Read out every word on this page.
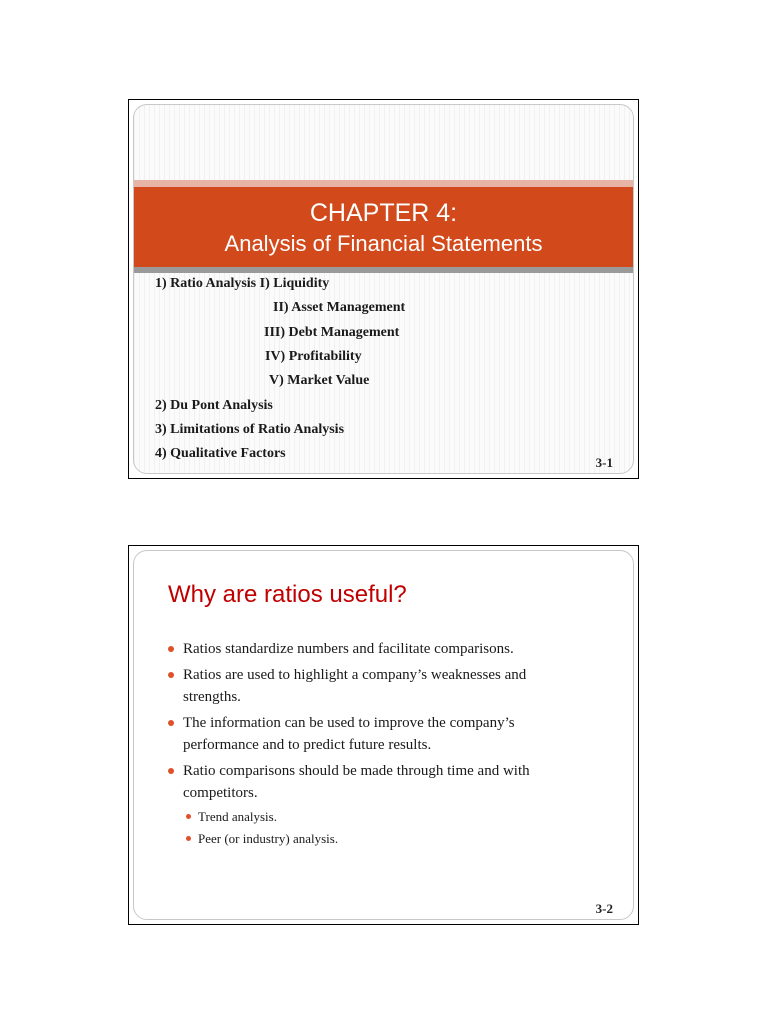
CHAPTER 4:
Analysis of Financial Statements
1) Ratio Analysis I) Liquidity
II) Asset Management
III) Debt Management
IV) Profitability
V) Market Value
2) Du Pont Analysis
3) Limitations of Ratio Analysis
4) Qualitative Factors
3-1
Why are ratios useful?
Ratios standardize numbers and facilitate comparisons.
Ratios are used to highlight a company’s weaknesses and strengths.
The information can be used to improve the company’s performance and to predict future results.
Ratio comparisons should be made through time and with competitors.
Trend analysis.
Peer (or industry) analysis.
3-2
